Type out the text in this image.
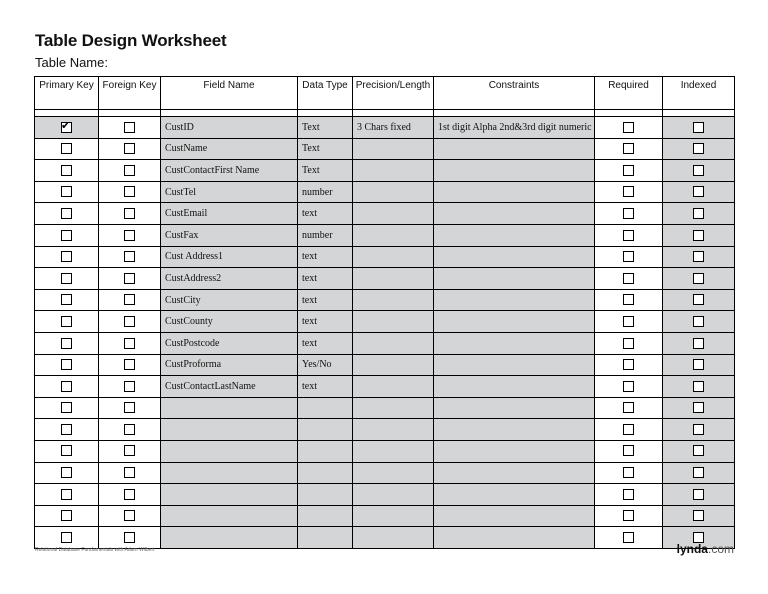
Table Design Worksheet
Table Name:
Primary Key	Foreign Key	Field Name	Data Type	Precision/Length	Constraints	Required	Indexed

✔		CustID	Text	3 Chars fixed	1st digit Alpha 2nd&3rd digit numeric		
		CustName	Text				
		CustContactFirst Name	Text				
		CustTel	number				
		CustEmail	text				
		CustFax	number				
		Cust Address1	text				
		CustAddress2	text				
		CustCity	text				
		CustCounty	text				
		CustPostcode	text				
		CustProforma	Yes/No				
		CustContactLastName	text				

Relational Database Fundamentals with Adam Wilbert	lynda.com
